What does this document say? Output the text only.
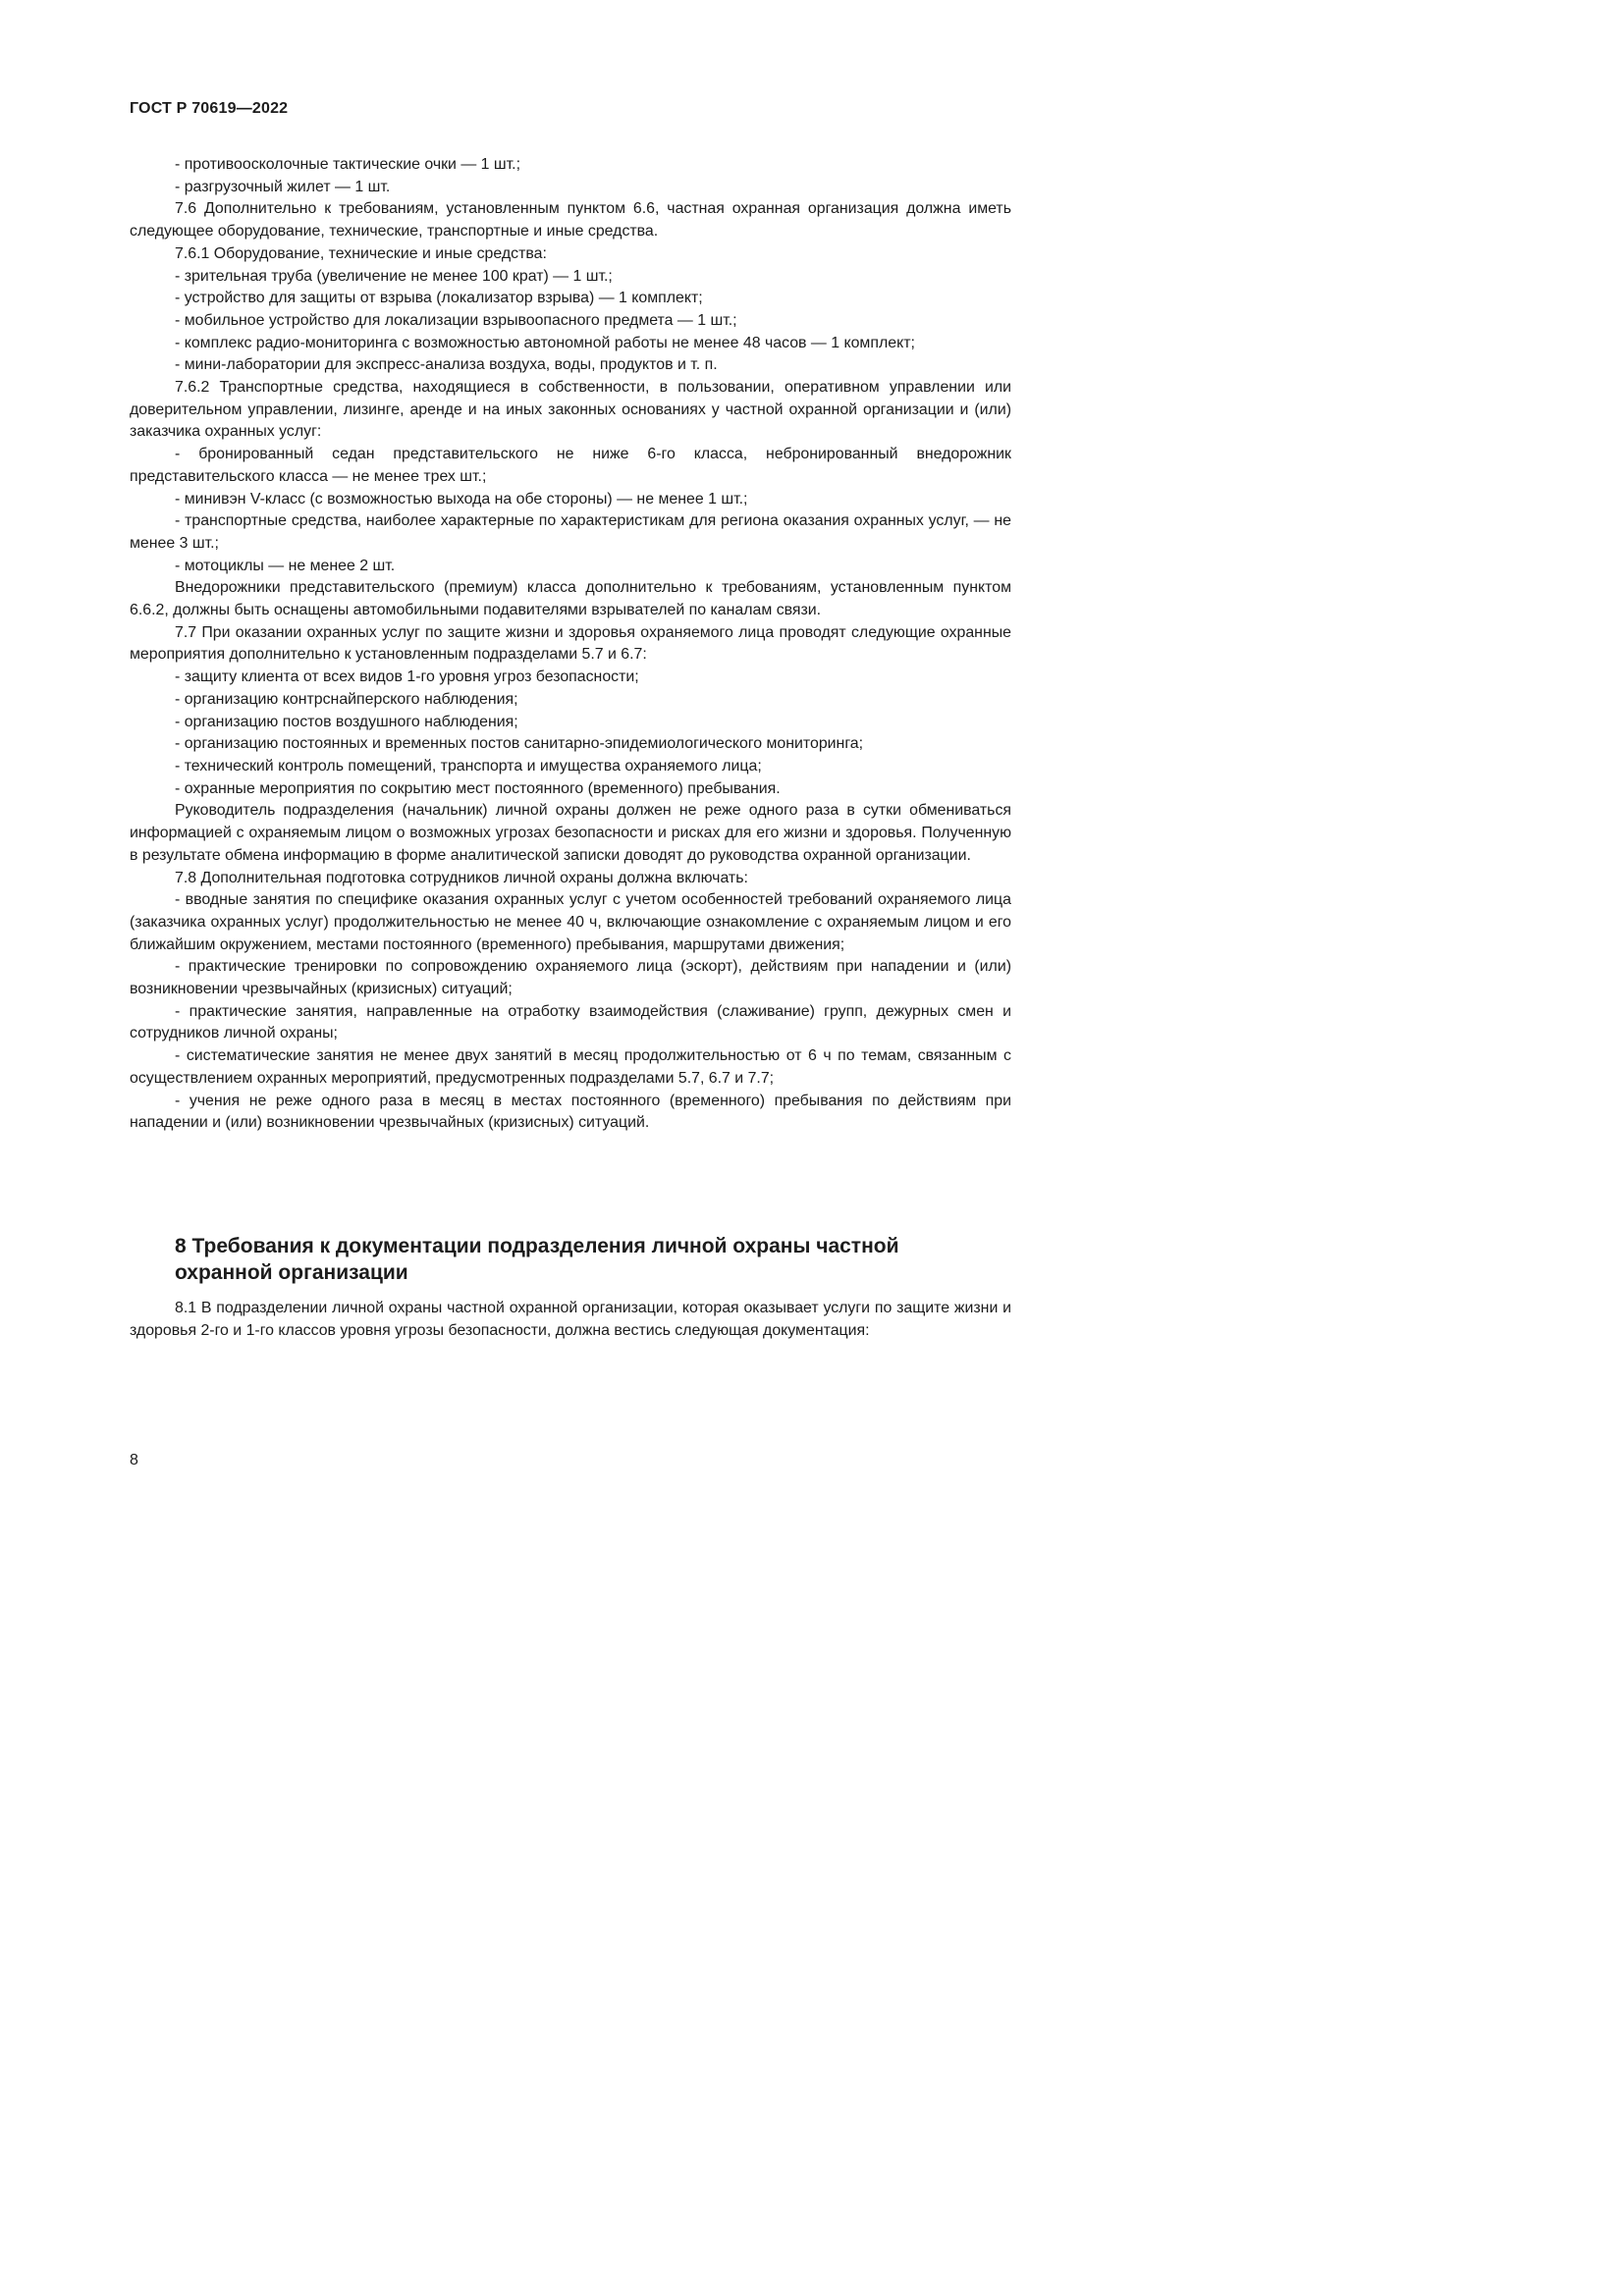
ГОСТ Р 70619—2022

- противоосколочные тактические очки — 1 шт.;

- разгрузочный жилет — 1 шт.

7.6 Дополнительно к требованиям, установленным пунктом 6.6, частная охранная организация должна иметь следующее оборудование, технические, транспортные и иные средства.

7.6.1 Оборудование, технические и иные средства:

- зрительная труба (увеличение не менее 100 крат) — 1 шт.;

- устройство для защиты от взрыва (локализатор взрыва) — 1 комплект;

- мобильное устройство для локализации взрывоопасного предмета — 1 шт.;

- комплекс радио-мониторинга с возможностью автономной работы не менее 48 часов — 1 комплект;

- мини-лаборатории для экспресс-анализа воздуха, воды, продуктов и т. п.

7.6.2 Транспортные средства, находящиеся в собственности, в пользовании, оперативном управлении или доверительном управлении, лизинге, аренде и на иных законных основаниях у частной охранной организации и (или) заказчика охранных услуг:

- бронированный седан представительского не ниже 6-го класса, небронированный внедорожник представительского класса — не менее трех шт.;

- минивэн V-класс (с возможностью выхода на обе стороны) — не менее 1 шт.;

- транспортные средства, наиболее характерные по характеристикам для региона оказания охранных услуг, — не менее 3 шт.;

- мотоциклы — не менее 2 шт.

Внедорожники представительского (премиум) класса дополнительно к требованиям, установленным пунктом 6.6.2, должны быть оснащены автомобильными подавителями взрывателей по каналам связи.

7.7 При оказании охранных услуг по защите жизни и здоровья охраняемого лица проводят следующие охранные мероприятия дополнительно к установленным подразделами 5.7 и 6.7:

- защиту клиента от всех видов 1-го уровня угроз безопасности;

- организацию контрснайперского наблюдения;

- организацию постов воздушного наблюдения;

- организацию постоянных и временных постов санитарно-эпидемиологического мониторинга;

- технический контроль помещений, транспорта и имущества охраняемого лица;

- охранные мероприятия по сокрытию мест постоянного (временного) пребывания.

Руководитель подразделения (начальник) личной охраны должен не реже одного раза в сутки обмениваться информацией с охраняемым лицом о возможных угрозах безопасности и рисках для его жизни и здоровья. Полученную в результате обмена информацию в форме аналитической записки доводят до руководства охранной организации.

7.8 Дополнительная подготовка сотрудников личной охраны должна включать:

- вводные занятия по специфике оказания охранных услуг с учетом особенностей требований охраняемого лица (заказчика охранных услуг) продолжительностью не менее 40 ч, включающие ознакомление с охраняемым лицом и его ближайшим окружением, местами постоянного (временного) пребывания, маршрутами движения;

- практические тренировки по сопровождению охраняемого лица (эскорт), действиям при нападении и (или) возникновении чрезвычайных (кризисных) ситуаций;

- практические занятия, направленные на отработку взаимодействия (слаживание) групп, дежурных смен и сотрудников личной охраны;

- систематические занятия не менее двух занятий в месяц продолжительностью от 6 ч по темам, связанным с осуществлением охранных мероприятий, предусмотренных подразделами 5.7, 6.7 и 7.7;

- учения не реже одного раза в месяц в местах постоянного (временного) пребывания по действиям при нападении и (или) возникновении чрезвычайных (кризисных) ситуаций.

8 Требования к документации подразделения личной охраны частной охранной организации

8.1 В подразделении личной охраны частной охранной организации, которая оказывает услуги по защите жизни и здоровья 2-го и 1-го классов уровня угрозы безопасности, должна вестись следующая документация:

8
